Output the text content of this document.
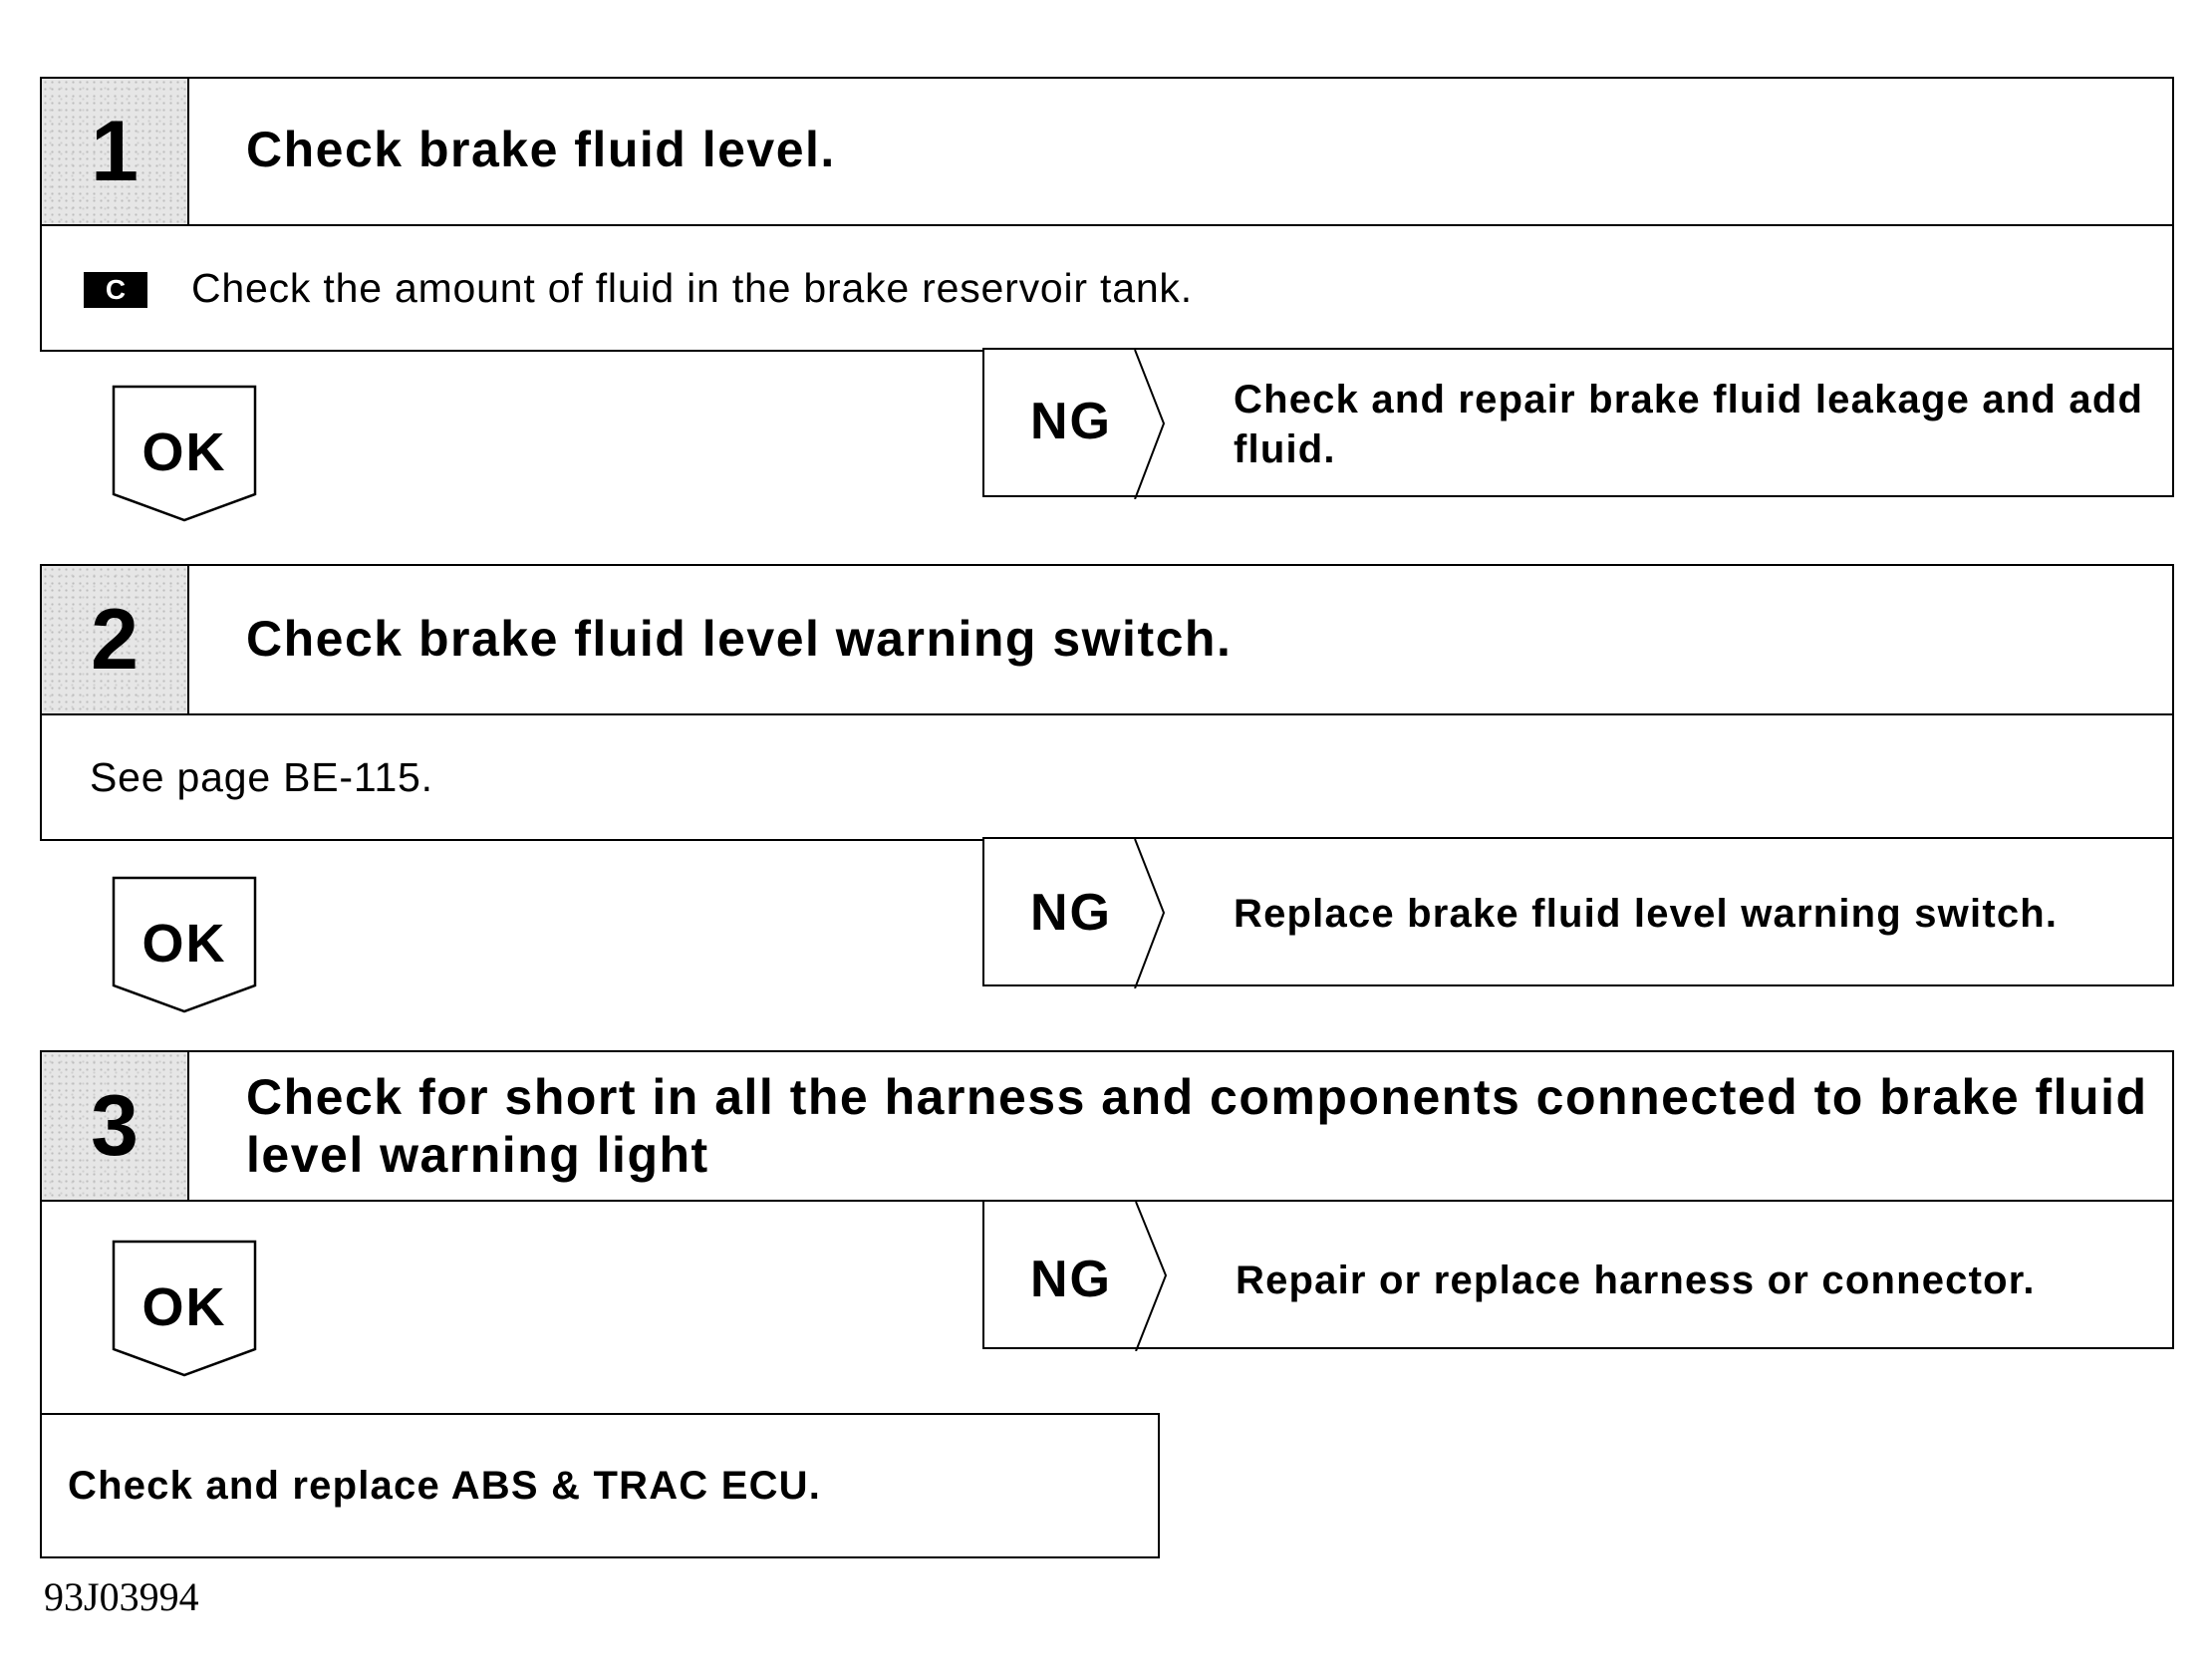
1	Check brake fluid level.
C	Check the amount of fluid in the brake reservoir tank.
OK
NG	Check and repair brake fluid leakage and add fluid.
2	Check brake fluid level warning switch.
See page BE-115.
OK
NG	Replace brake fluid level warning switch.
3	Check for short in all the harness and components connected to brake fluid level warning light
OK	NG	Repair or replace harness or connector.
Check and replace ABS & TRAC ECU.
93J03994
